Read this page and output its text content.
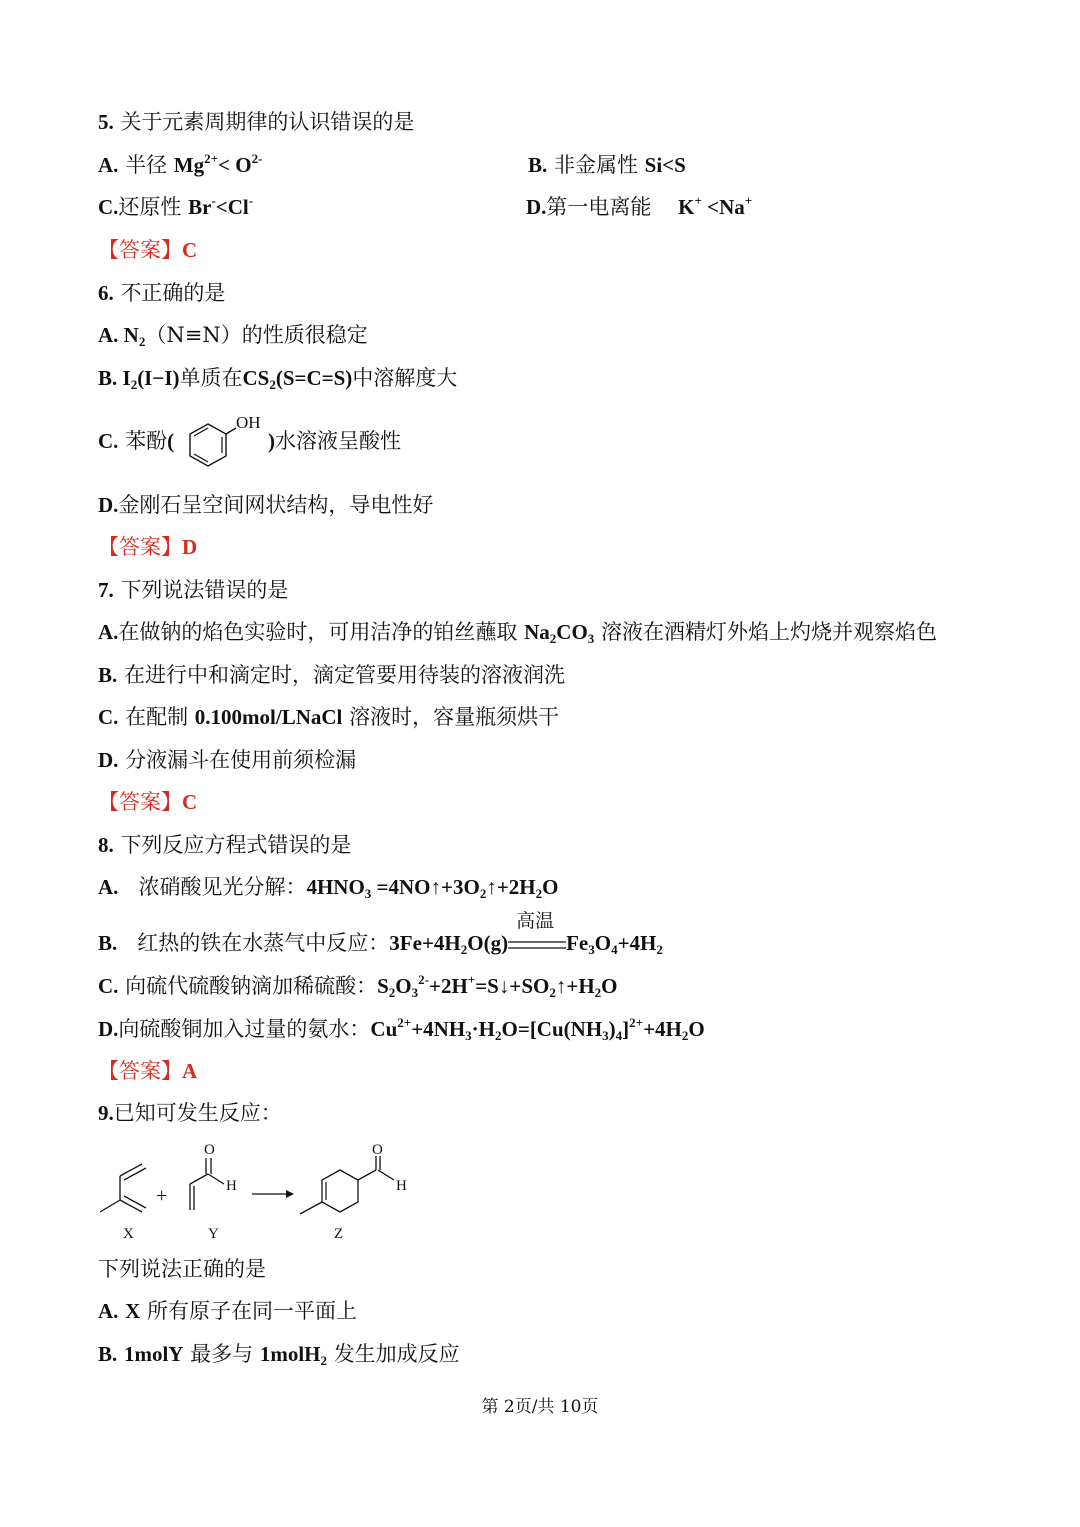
5. 关于元素周期律的认识错误的是
A. 半径 $Mg^{2+}< O^{2-}$	B. 非金属性 Si<S
C.还原性 Br-<Cl-	D.第一电离能 K+ <Na+
【答案】C
6. 不正确的是
A. $N_2(N\equiv N)$的性质很稳定
B. $I_2(I-I)$单质在$CS_2(S=C=S)$中溶解度大
C. 苯酚(
OH
)水溶液呈酸性
D.金刚石呈空间网状结构，导电性好
【答案】D
7. 下列说法错误的是
A.在做钠的焰色实验时，可用洁净的铂丝蘸取 $Na_2CO_3$ 溶液在酒精灯外焰上灼烧并观察焰色
B. 在进行中和滴定时，滴定管要用待装的溶液润洗
C. 在配制 0.100mol/LNaCl 溶液时，容量瓶须烘干
D. 分液漏斗在使用前须检漏
【答案】C
8. 下列反应方程式错误的是
A. 浓硝酸见光分解：$4HNO_3$ $=4NO↑+3O_2↑+2H_2O$
B. 红热的铁在水蒸气中反应：$3Fe+4H_2O(g)$
高温
$Fe_3O_4+4H_2$
C. 向硫代硫酸钠滴加稀硫酸：$S_2O_3^{2-}+2H^+=S↓+SO_2↑+H_2O$
D.向硫酸铜加入过量的氨水：$Cu^{2+}+4NH_3\cdot H_2O=[Cu(NH_3)_4]^{2+}+4H_2O$
【答案】A
9.已知可发生反应：
X
+
O
H
Y
O
H
Z
下列说法正确的是
A. X 所有原子在同一平面上
B. 1molY 最多与 1molH$_2$ 发生加成反应
第 2页/共 10页
